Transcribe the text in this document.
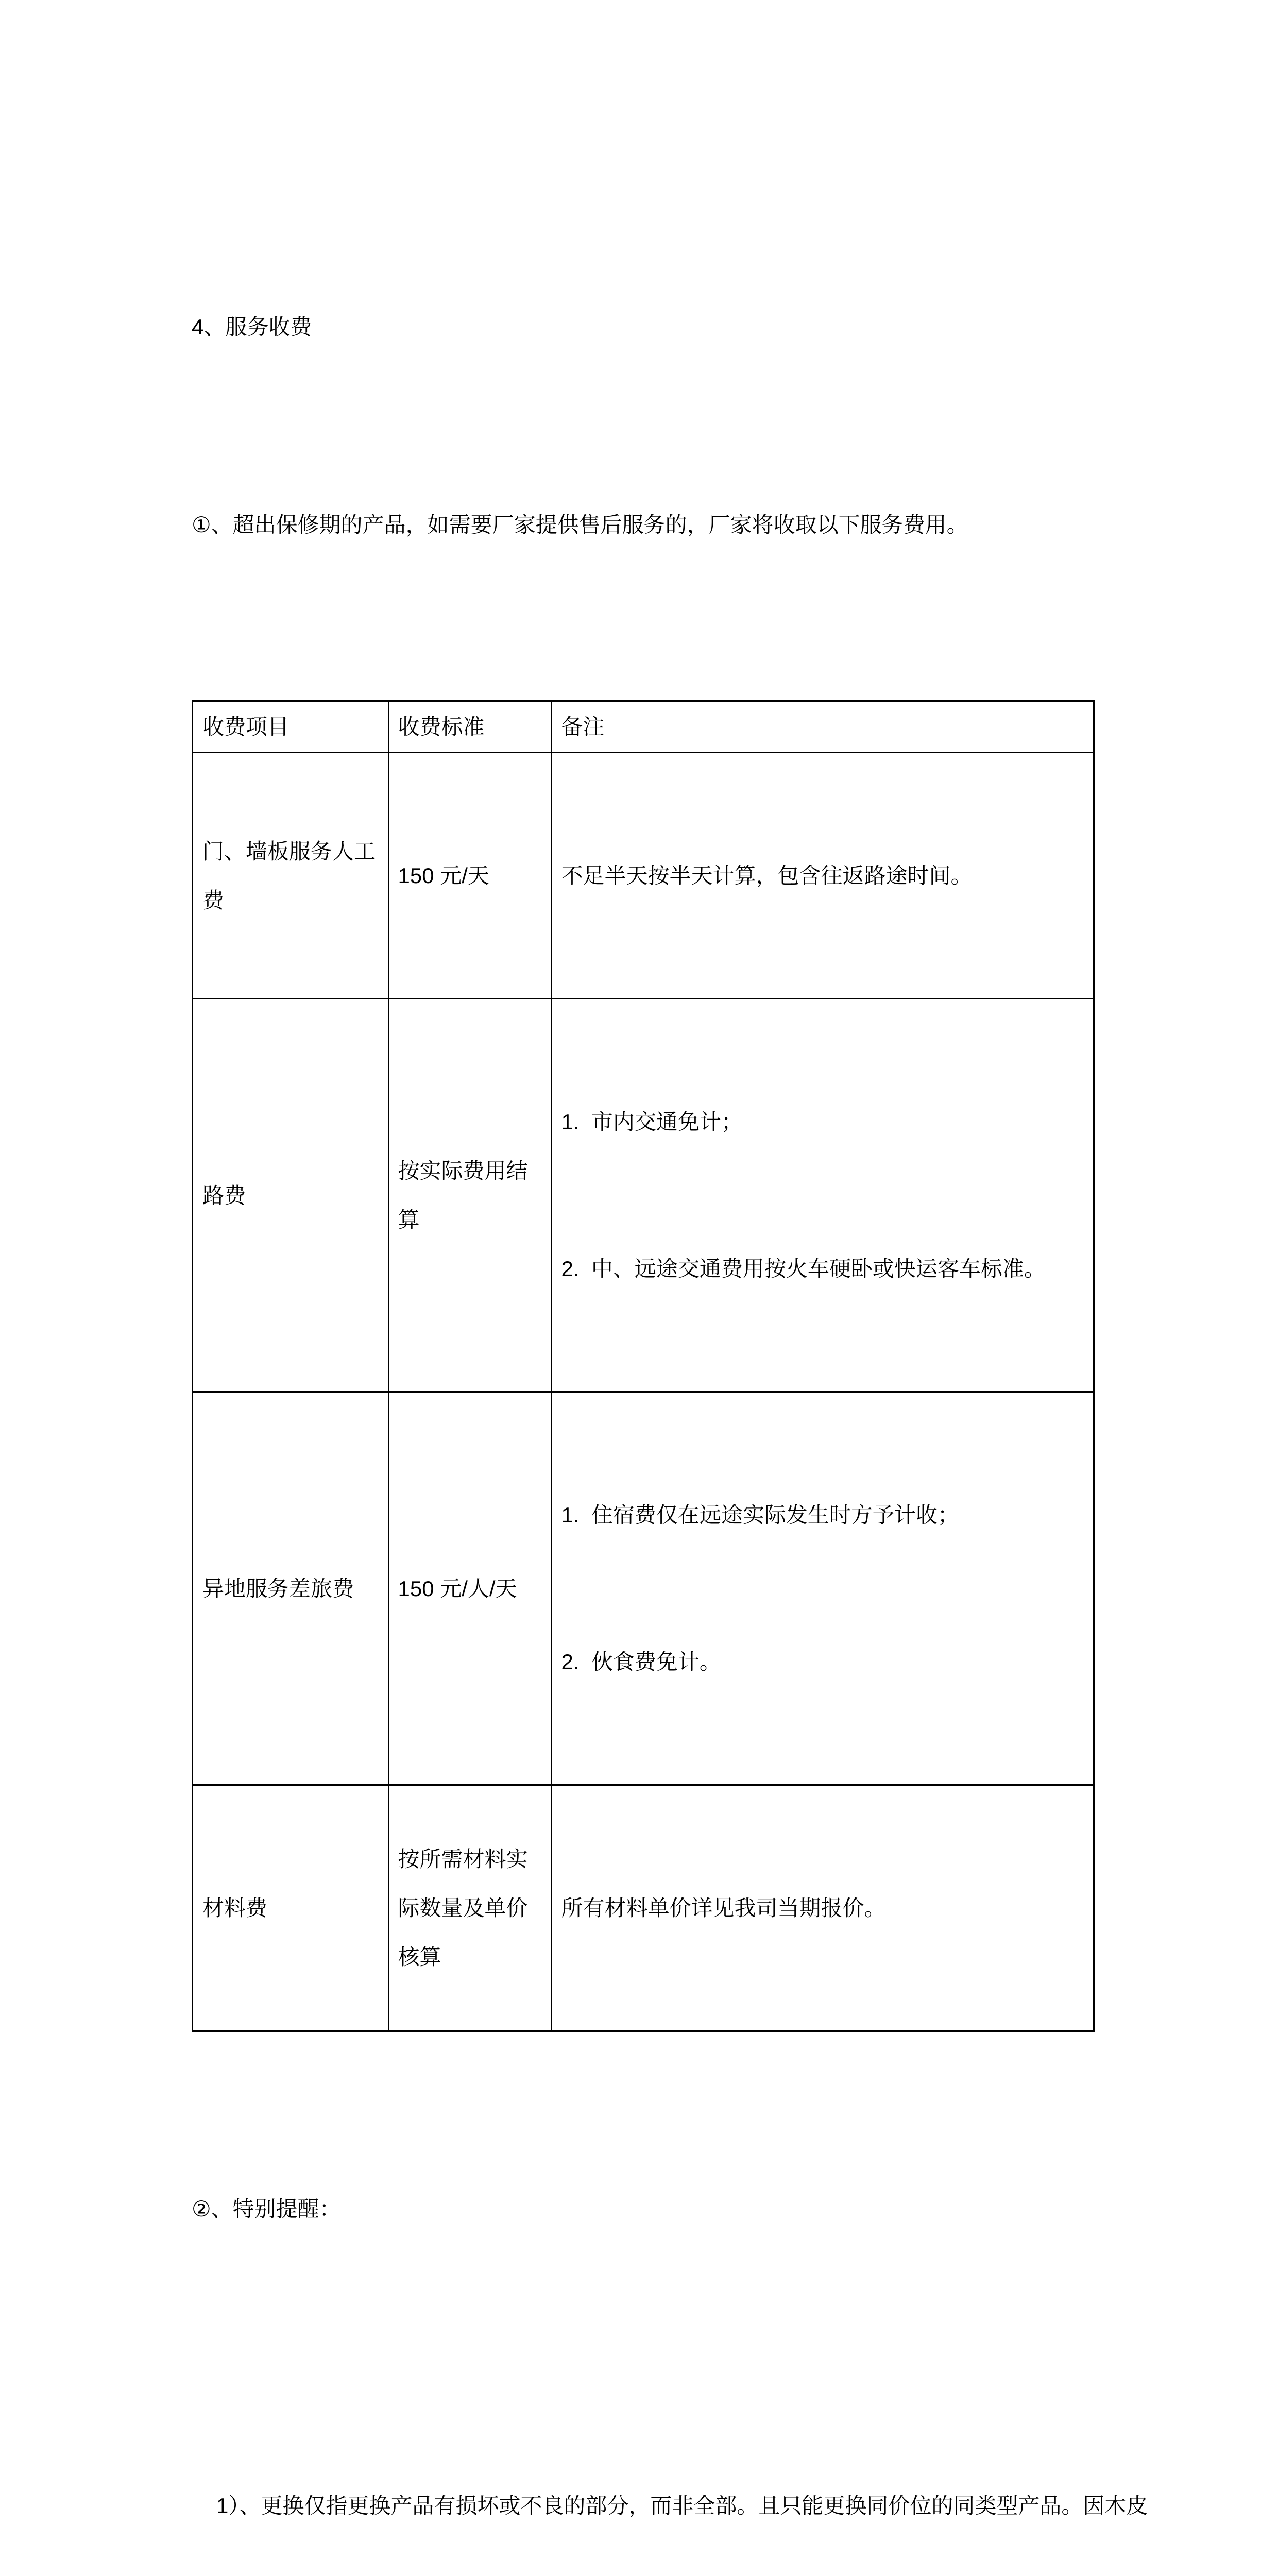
4、服务收费

①、超出保修期的产品，如需要厂家提供售后服务的，厂家将收取以下服务费用。

收费项目	收费标准	备注
门、墙板服务人工费	150 元/天	不足半天按半天计算，包含往返路途时间。

路费	按实际费用结算	1.  市内交通免计；

2.  中、远途交通费用按火车硬卧或快运客车标准。

异地服务差旅费	150 元/人/天	1.  住宿费仅在远途实际发生时方予计收；

2.  伙食费免计。

材料费	按所需材料实际数量及单价核算	所有材料单价详见我司当期报价。

②、特别提醒：

1）、更换仅指更换产品有损坏或不良的部分，而非全部。且只能更换同价位的同类型产品。因木皮
